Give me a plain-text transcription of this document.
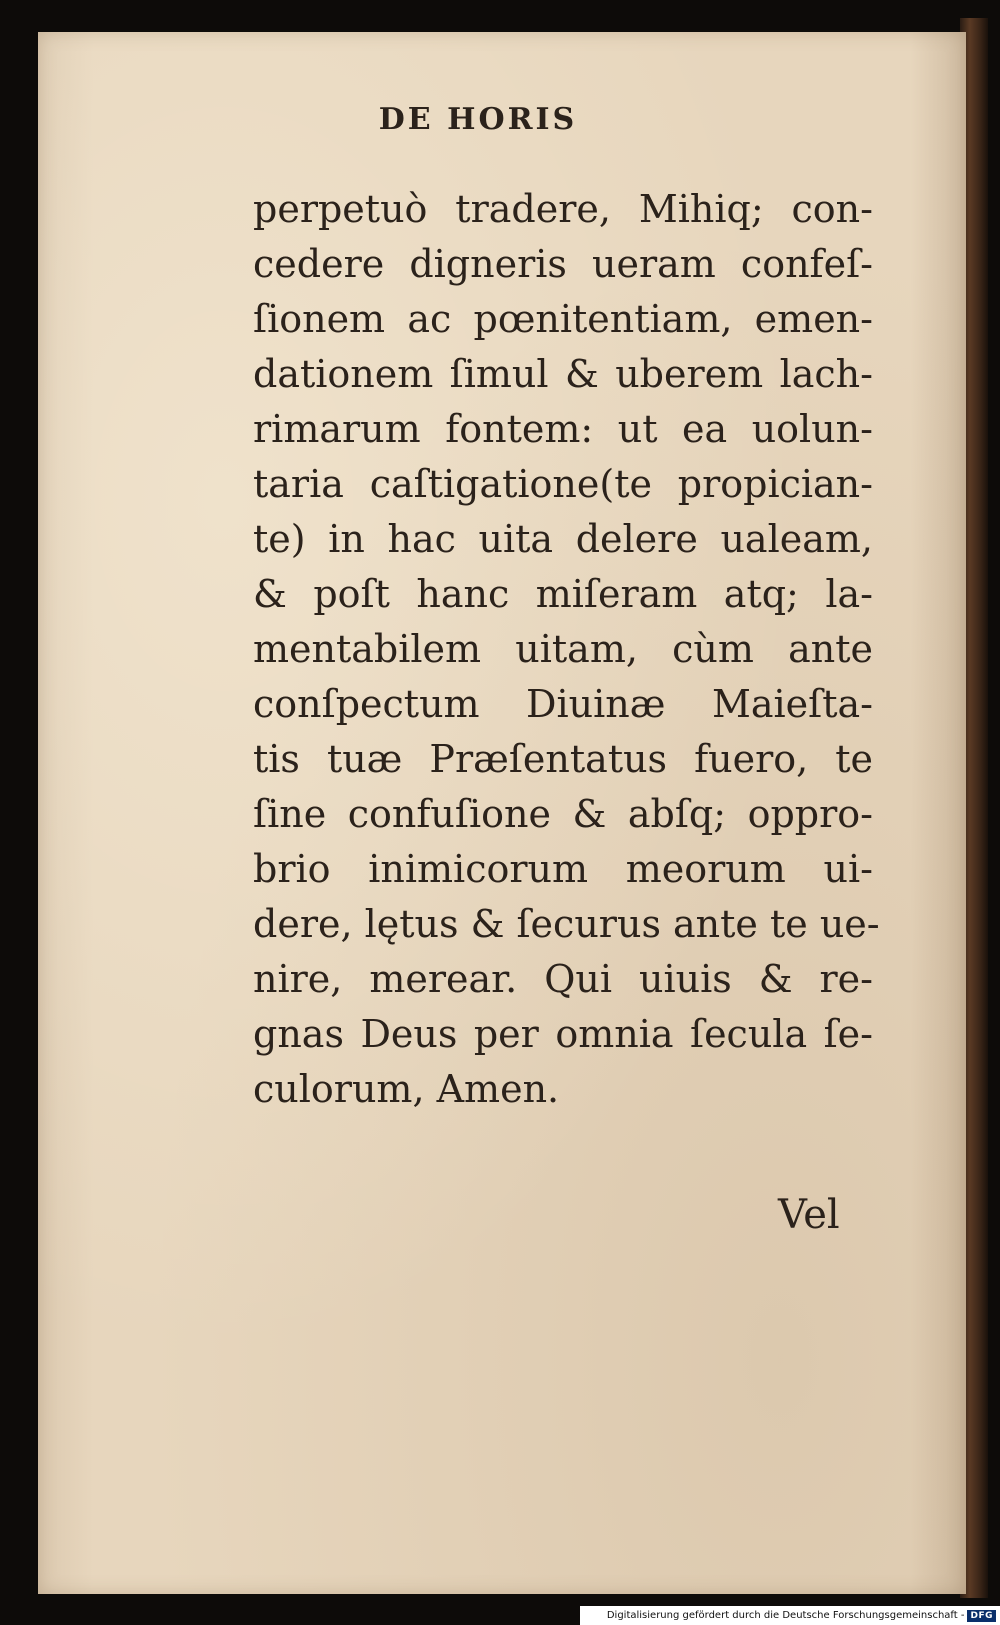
DE HORIS
perpetuò tradere, Mihiq; con-
cedere digneris ueram confeſ-
ſionem ac pœnitentiam, emen-
dationem ſimul & uberem lach-
rimarum fontem: ut ea uolun-
taria caſtigatione(te propician-
te) in hac uita delere ualeam,
& poſt hanc miſeram atq; la-
mentabilem uitam, cùm ante
conſpectum Diuinæ Maieſta-
tis tuæ Præſentatus fuero, te
ſine confuſione & abſq; oppro-
brio inimicorum meorum ui-
dere, lętus & ſecurus ante te ue-
nire, merear. Qui uiuis & re-
gnas Deus per omnia ſecula ſe-
culorum, Amen.
Vel
Digitalisierung gefördert durch die Deutsche Forschungsgemeinschaft - DFG
